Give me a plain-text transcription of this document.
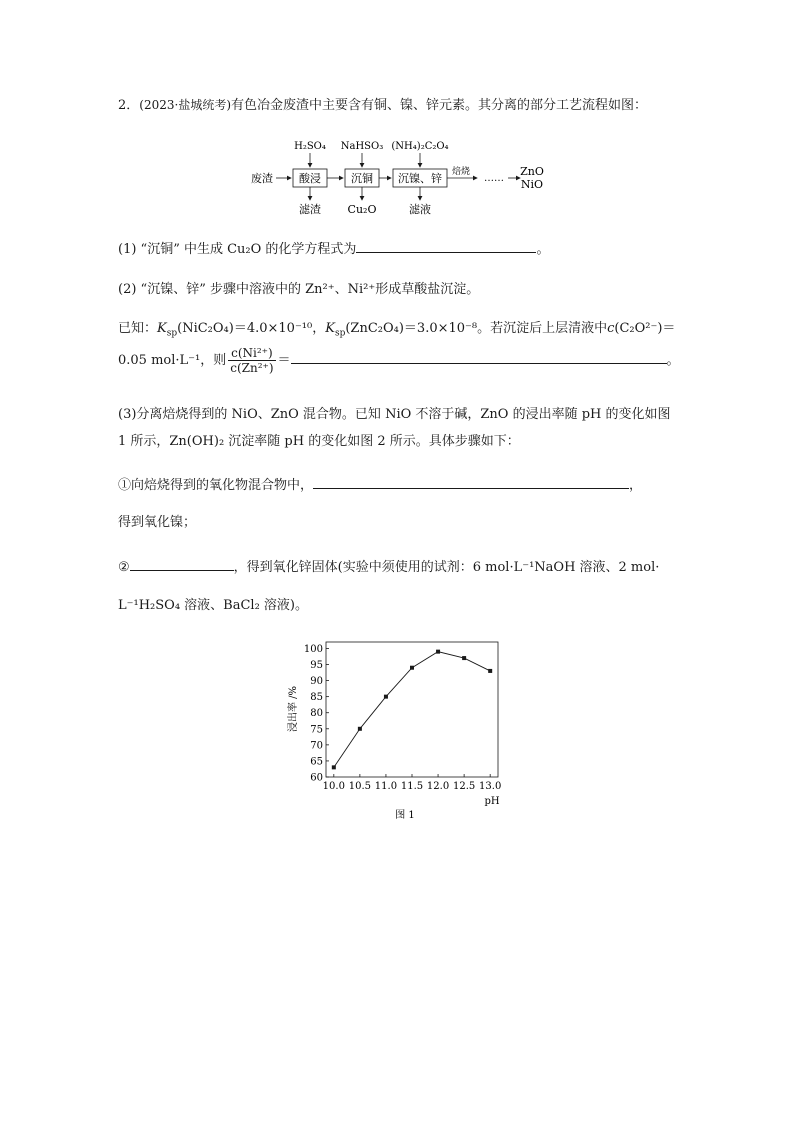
2．(2023·盐城统考)有色冶金废渣中主要含有铜、镍、锌元素。其分离的部分工艺流程如图：
H₂SO₄ NaHSO₃ (NH₄)₂C₂O₄
废渣 酸浸	沉铜 沉镍、锌 焙烧
……
ZnO
NiO
滤渣 Cu₂O	滤液
(1) “沉铜” 中生成 Cu₂O 的化学方程式为	。
(2) “沉镍、锌” 步骤中溶液中的 Zn²⁺、Ni²⁺形成草酸盐沉淀。
已知：$K_{sp}(NiC_2O_4)=4.0\times 10^{-10}$，$K_{sp}(ZnC_2O_4)=3.0\times 10^{-8}$。若沉淀后上层清液中c(C₂O²⁻)＝
0.05 mol·L⁻¹，则 $\frac{\text{c(Ni²⁺)}}{\text{c(Zn²⁺)}}$ ＝	。
(3)分离焙烧得到的 NiO、ZnO 混合物。已知 NiO 不溶于碱，ZnO 的浸出率随 pH 的变化如图
1 所示，Zn(OH)₂ 沉淀率随 pH 的变化如图 2 所示。具体步骤如下：
①向焙烧得到的氧化物混合物中，	，
得到氧化镍；
②	，得到氧化锌固体(实验中须使用的试剂：6 mol·L⁻¹NaOH 溶液、2 mol·
L⁻¹H₂SO₄ 溶液、BaCl₂ 溶液)。
60
65
70
75
80
85
90
95
100
10.0 10.5 11.0 11.5 12.0 12.5 13.0
浸出率 /%
pH
图 1
